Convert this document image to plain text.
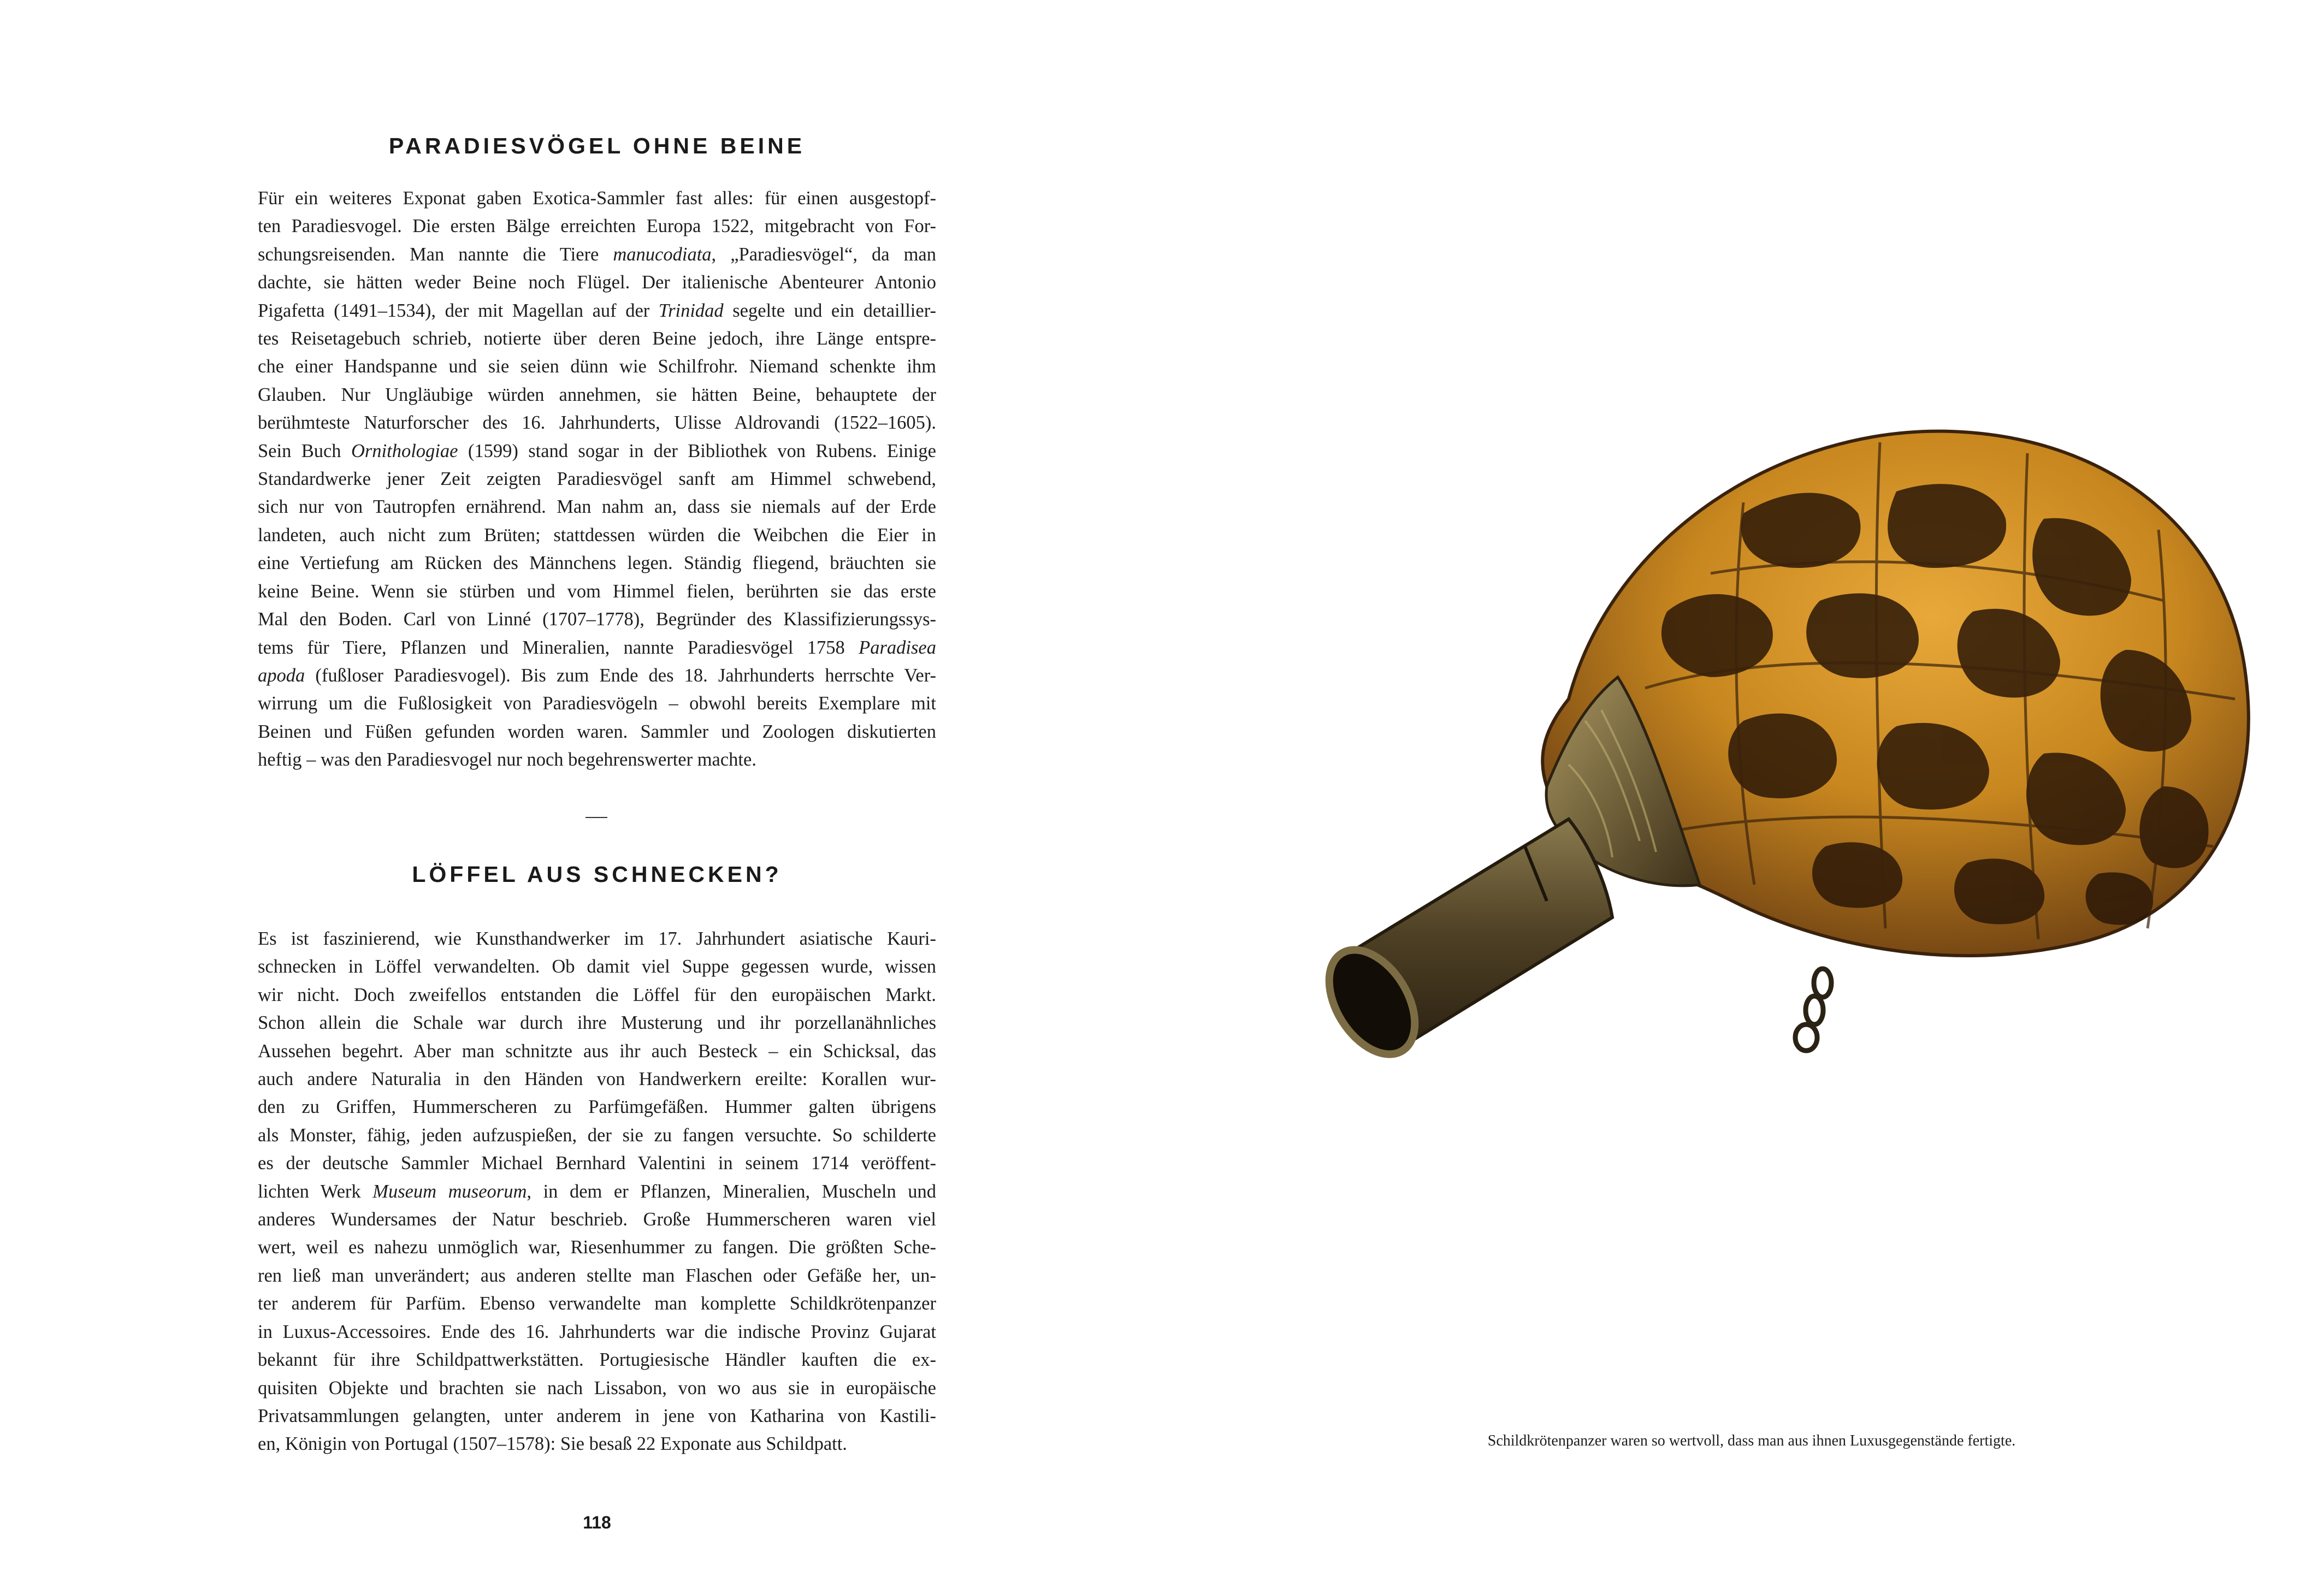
PARADIESVÖGEL OHNE BEINE
Für ein weiteres Exponat gaben Exotica-Sammler fast alles: für einen ausgestopf-
ten Paradiesvogel. Die ersten Bälge erreichten Europa 1522, mitgebracht von For-
schungsreisenden. Man nannte die Tiere manucodiata, „Paradiesvögel“, da man
dachte, sie hätten weder Beine noch Flügel. Der italienische Abenteurer Antonio
Pigafetta (1491–1534), der mit Magellan auf der Trinidad segelte und ein detaillier-
tes Reisetagebuch schrieb, notierte über deren Beine jedoch, ihre Länge entspre-
che einer Handspanne und sie seien dünn wie Schilfrohr. Niemand schenkte ihm
Glauben. Nur Ungläubige würden annehmen, sie hätten Beine, behauptete der
berühmteste Naturforscher des 16. Jahrhunderts, Ulisse Aldrovandi (1522–1605).
Sein Buch Ornithologiae (1599) stand sogar in der Bibliothek von Rubens. Einige
Standardwerke jener Zeit zeigten Paradiesvögel sanft am Himmel schwebend,
sich nur von Tautropfen ernährend. Man nahm an, dass sie niemals auf der Erde
landeten, auch nicht zum Brüten; stattdessen würden die Weibchen die Eier in
eine Vertiefung am Rücken des Männchens legen. Ständig fliegend, bräuchten sie
keine Beine. Wenn sie stürben und vom Himmel fielen, berührten sie das erste
Mal den Boden. Carl von Linné (1707–1778), Begründer des Klassifizierungssys-
tems für Tiere, Pflanzen und Mineralien, nannte Paradiesvögel 1758 Paradisea
apoda (fußloser Paradiesvogel). Bis zum Ende des 18. Jahrhunderts herrschte Ver-
wirrung um die Fußlosigkeit von Paradiesvögeln – obwohl bereits Exemplare mit
Beinen und Füßen gefunden worden waren. Sammler und Zoologen diskutierten
heftig – was den Paradiesvogel nur noch begehrenswerter machte.
LÖFFEL AUS SCHNECKEN?
Es ist faszinierend, wie Kunsthandwerker im 17. Jahrhundert asiatische Kauri-
schnecken in Löffel verwandelten. Ob damit viel Suppe gegessen wurde, wissen
wir nicht. Doch zweifellos entstanden die Löffel für den europäischen Markt.
Schon allein die Schale war durch ihre Musterung und ihr porzellanähnliches
Aussehen begehrt. Aber man schnitzte aus ihr auch Besteck – ein Schicksal, das
auch andere Naturalia in den Händen von Handwerkern ereilte: Korallen wur-
den zu Griffen, Hummerscheren zu Parfümgefäßen. Hummer galten übrigens
als Monster, fähig, jeden aufzuspießen, der sie zu fangen versuchte. So schilderte
es der deutsche Sammler Michael Bernhard Valentini in seinem 1714 veröffent-
lichten Werk Museum museorum, in dem er Pflanzen, Mineralien, Muscheln und
anderes Wundersames der Natur beschrieb. Große Hummerscheren waren viel
wert, weil es nahezu unmöglich war, Riesenhummer zu fangen. Die größten Sche-
ren ließ man unverändert; aus anderen stellte man Flaschen oder Gefäße her, un-
ter anderem für Parfüm. Ebenso verwandelte man komplette Schildkrötenpanzer
in Luxus-Accessoires. Ende des 16. Jahrhunderts war die indische Provinz Gujarat
bekannt für ihre Schildpattwerkstätten. Portugiesische Händler kauften die ex-
quisiten Objekte und brachten sie nach Lissabon, von wo aus sie in europäische
Privatsammlungen gelangten, unter anderem in jene von Katharina von Kastili-
en, Königin von Portugal (1507–1578): Sie besaß 22 Exponate aus Schildpatt.
118
Schildkrötenpanzer waren so wertvoll, dass man aus ihnen Luxusgegenstände fertigte.
